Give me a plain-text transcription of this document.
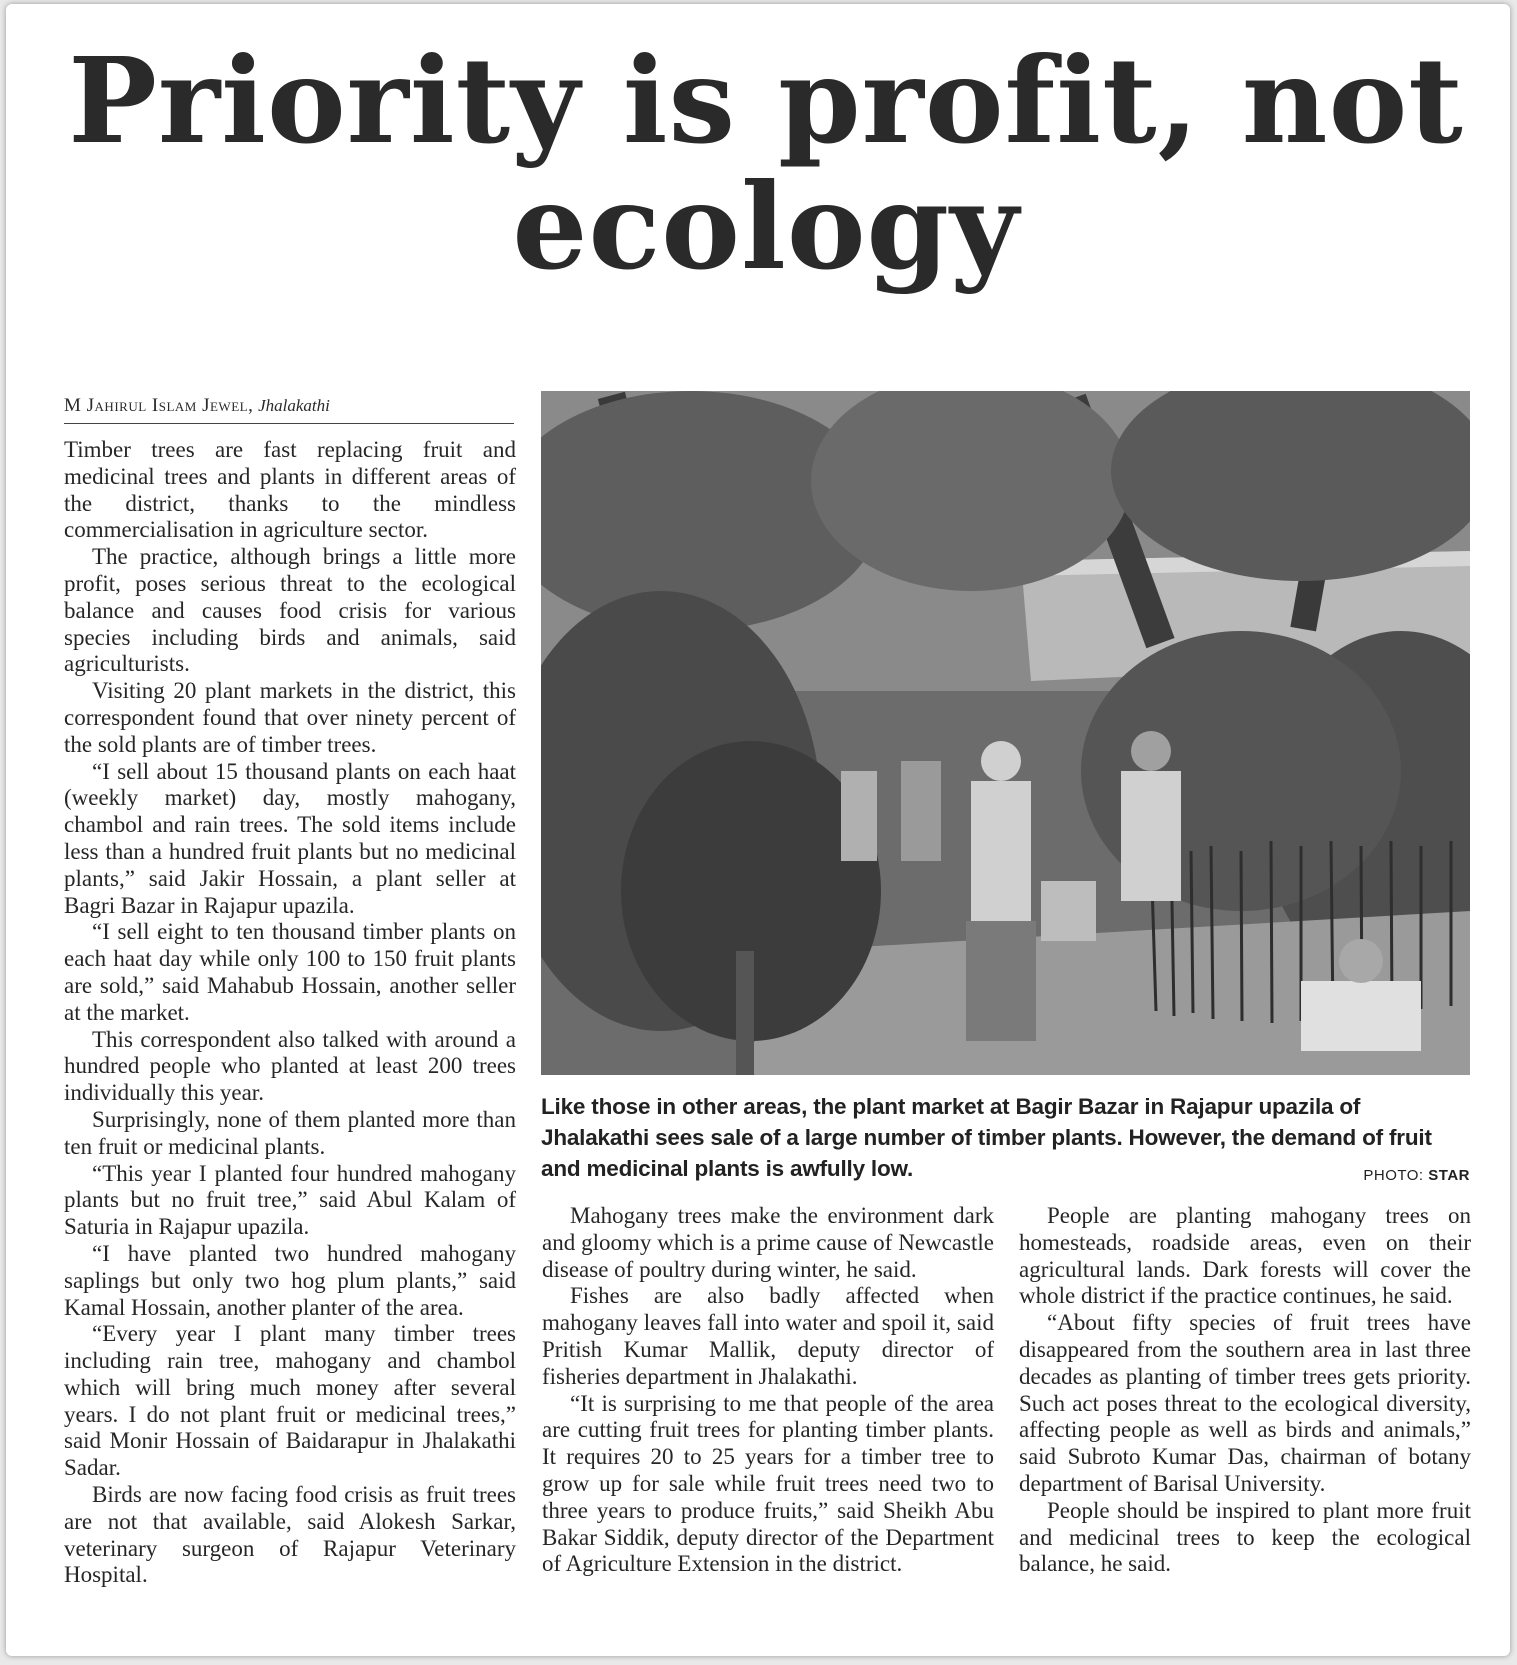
Priority is profit, not ecology
M Jahirul Islam Jewel, Jhalakathi

Timber trees are fast replacing fruit and medicinal trees and plants in different areas of the district, thanks to the mindless commercialisation in agriculture sector.

The practice, although brings a little more profit, poses serious threat to the ecological balance and causes food crisis for various species including birds and animals, said agriculturists.

Visiting 20 plant markets in the district, this correspondent found that over ninety percent of the sold plants are of timber trees.

“I sell about 15 thousand plants on each haat (weekly market) day, mostly mahogany, chambol and rain trees. The sold items include less than a hundred fruit plants but no medicinal plants,” said Jakir Hossain, a plant seller at Bagri Bazar in Rajapur upazila.

“I sell eight to ten thousand timber plants on each haat day while only 100 to 150 fruit plants are sold,” said Mahabub Hossain, another seller at the market.

This correspondent also talked with around a hundred people who planted at least 200 trees individually this year.

Surprisingly, none of them planted more than ten fruit or medicinal plants.

“This year I planted four hundred mahogany plants but no fruit tree,” said Abul Kalam of Saturia in Rajapur upazila.

“I have planted two hundred mahogany saplings but only two hog plum plants,” said Kamal Hossain, another planter of the area.

“Every year I plant many timber trees including rain tree, mahogany and chambol which will bring much money after several years. I do not plant fruit or medicinal trees,” said Monir Hossain of Baidarapur in Jhalakathi Sadar.

Birds are now facing food crisis as fruit trees are not that available, said Alokesh Sarkar, veterinary surgeon of Rajapur Veterinary Hospital.

Like those in other areas, the plant market at Bagir Bazar in Rajapur upazila of Jhalakathi sees sale of a large number of timber plants. However, the demand of fruit and medicinal plants is awfully low.	PHOTO: STAR

Mahogany trees make the environment dark and gloomy which is a prime cause of Newcastle disease of poultry during winter, he said.

Fishes are also badly affected when mahogany leaves fall into water and spoil it, said Pritish Kumar Mallik, deputy director of fisheries department in Jhalakathi.

“It is surprising to me that people of the area are cutting fruit trees for planting timber plants. It requires 20 to 25 years for a timber tree to grow up for sale while fruit trees need two to three years to produce fruits,” said Sheikh Abu Bakar Siddik, deputy director of the Department of Agriculture Extension in the district.

People are planting mahogany trees on homesteads, roadside areas, even on their agricultural lands. Dark forests will cover the whole district if the practice continues, he said.

“About fifty species of fruit trees have disappeared from the southern area in last three decades as planting of timber trees gets priority. Such act poses threat to the ecological diversity, affecting people as well as birds and animals,” said Subroto Kumar Das, chairman of botany department of Barisal University.

People should be inspired to plant more fruit and medicinal trees to keep the ecological balance, he said.
